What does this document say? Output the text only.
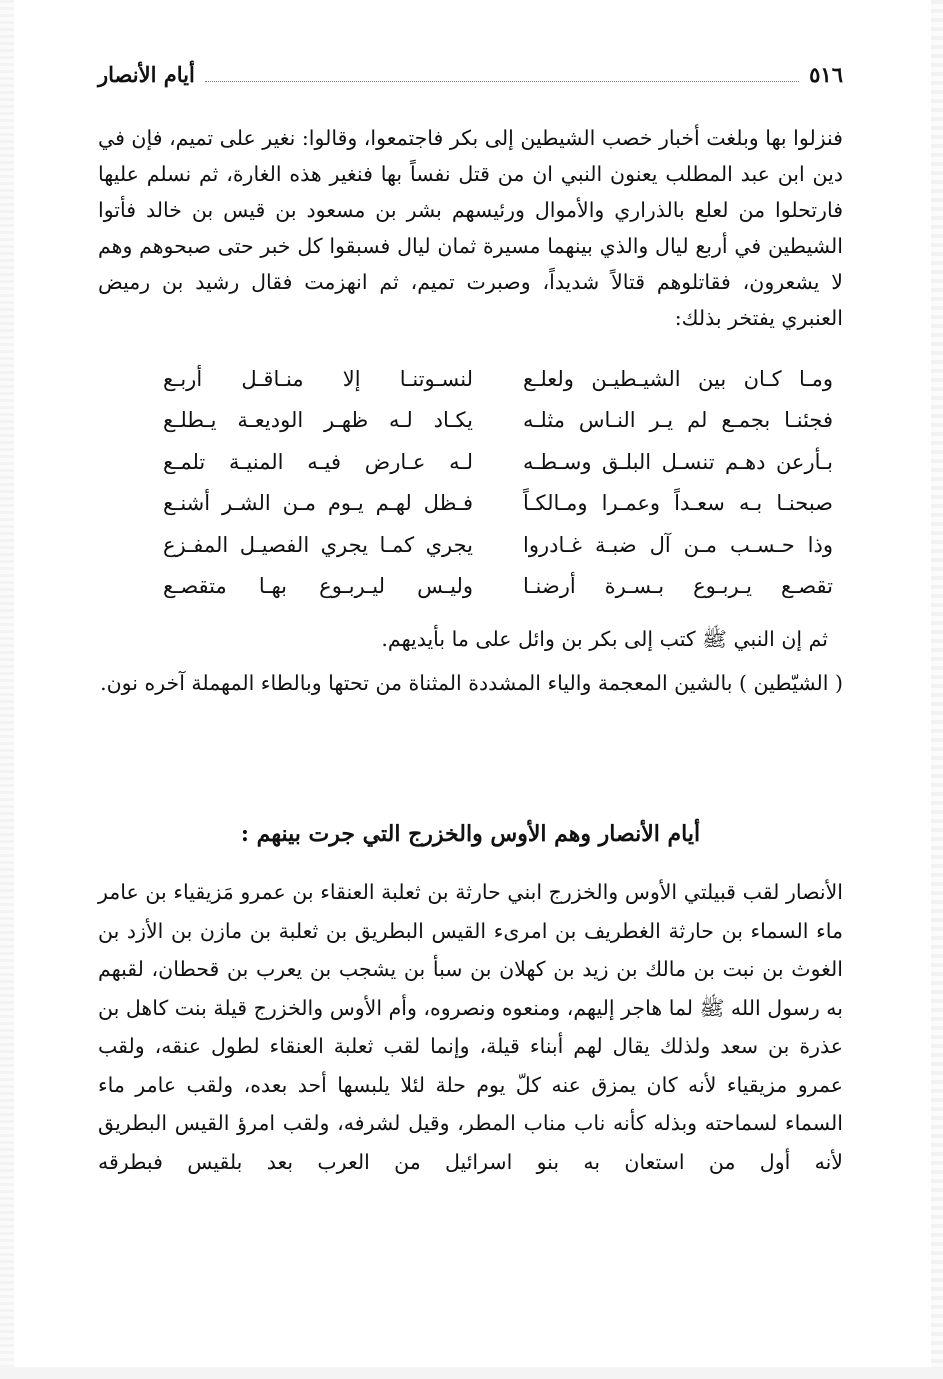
٥١٦
أيام الأنصار

فنزلوا بها وبلغت أخبار خصب الشيطين إلى بكر فاجتمعوا، وقالوا: نغير على تميم، فإن في دين ابن عبد المطلب يعنون النبي ان من قتل نفساً بها فنغير هذه الغارة، ثم نسلم عليها فارتحلوا من لعلع بالذراري والأموال ورئيسهم بشر بن مسعود بن قيس بن خالد فأتوا الشيطين في أربع ليال والذي بينهما مسيرة ثمان ليال فسبقوا كل خبر حتى صبحوهم وهم لا يشعرون، فقاتلوهم قتالاً شديداً، وصبرت تميم، ثم انهزمت فقال رشيد بن رميض العنبري يفتخر بذلك:

ومـا كـان بين الشيـطيـن ولعلـع
لنسـوتنـا إلا منـاقـل أربـع
فجئنـا بجمـع لم يـر النـاس مثلـه
يكـاد لـه ظهـر الوديعـة يـطلـع
بـأرعن دهـم تنسـل البلـق وسـطـه
لـه عـارض فيـه المنيـة تلمـع
صبحنـا بـه سعـداً وعمـرا ومـالكـاً
فـظل لهـم يـوم مـن الشـر أشنـع
وذا حـسـب مـن آل ضبـة غـادروا
يجري كمـا يجري الفصيـل المفـزع
تقصـع يـربـوع بـسـرة أرضنـا
وليـس ليـربـوع بهـا متقصـع

ثم إن النبي ﷺ كتب إلى بكر بن وائل على ما بأيديهم.

( الشيّطين ) بالشين المعجمة والياء المشددة المثناة من تحتها وبالطاء المهملة آخره نون.

أيام الأنصار وهم الأوس والخزرج التي جرت بينهم :

الأنصار لقب قبيلتي الأوس والخزرج ابني حارثة بن ثعلبة العنقاء بن عمرو مَزيقياء بن عامر ماء السماء بن حارثة الغطريف بن امرىء القيس البطريق بن ثعلبة بن مازن بن الأزد بن الغوث بن نبت بن مالك بن زيد بن كهلان بن سبأ بن يشجب بن يعرب بن قحطان، لقبهم به رسول الله ﷺ لما هاجر إليهم، ومنعوه ونصروه، وأم الأوس والخزرج قيلة بنت كاهل بن عذرة بن سعد ولذلك يقال لهم أبناء قيلة، وإنما لقب ثعلبة العنقاء لطول عنقه، ولقب عمرو مزيقياء لأنه كان يمزق عنه كلّ يوم حلة لئلا يلبسها أحد بعده، ولقب عامر ماء السماء لسماحته وبذله كأنه ناب مناب المطر، وقيل لشرفه، ولقب امرؤ القيس البطريق لأنه أول من استعان به بنو اسرائيل من العرب بعد بلقيس فبطرقه
